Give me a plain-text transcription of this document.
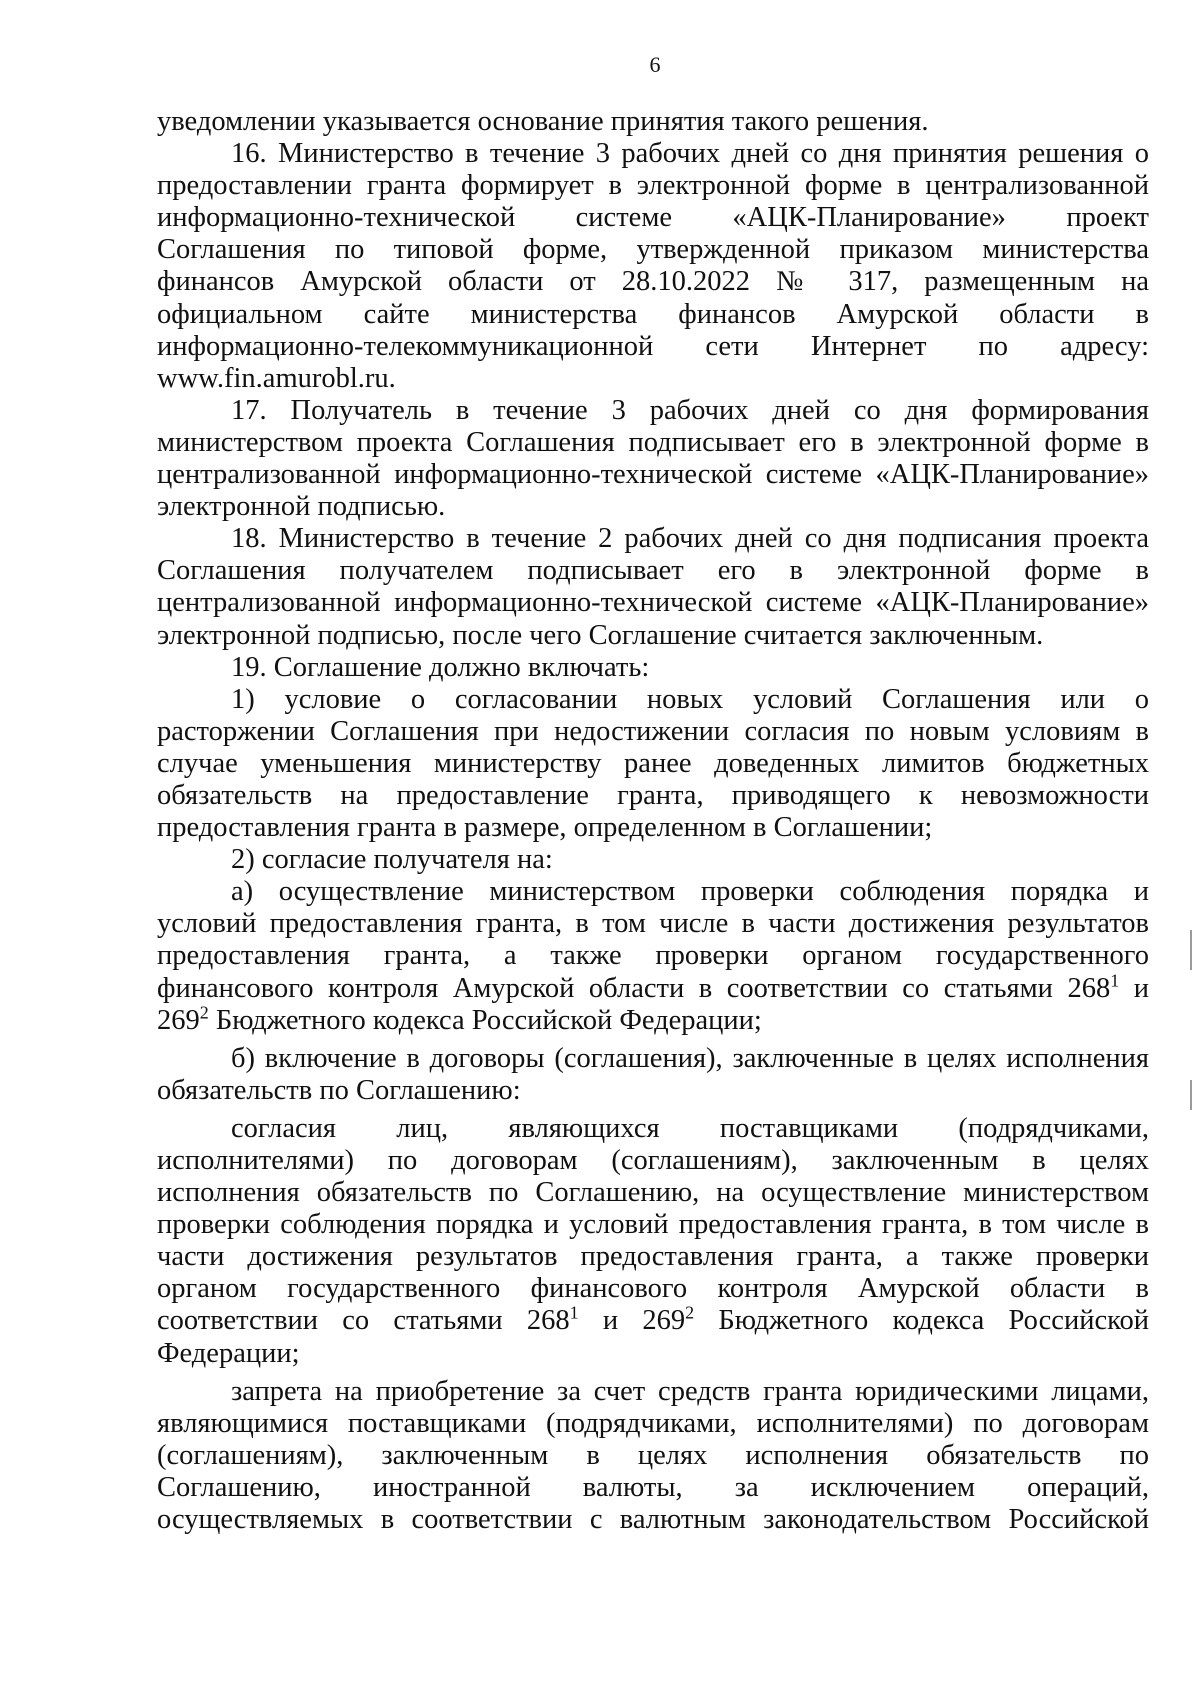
6
уведомлении указывается основание принятия такого решения.
16. Министерство в течение 3 рабочих дней со дня принятия решения о
предоставлении гранта формирует в электронной форме в централизованной
информационно-технической системе «АЦК-Планирование» проект
Соглашения по типовой форме, утвержденной приказом министерства
финансов Амурской области от 28.10.2022 № 317, размещенным на
официальном сайте министерства финансов Амурской области в
информационно-телекоммуникационной сети Интернет по адресу:
www.fin.amurobl.ru.
17. Получатель в течение 3 рабочих дней со дня формирования
министерством проекта Соглашения подписывает его в электронной форме в
централизованной информационно-технической системе «АЦК-Планирование»
электронной подписью.
18. Министерство в течение 2 рабочих дней со дня подписания проекта
Соглашения получателем подписывает его в электронной форме в
централизованной информационно-технической системе «АЦК-Планирование»
электронной подписью, после чего Соглашение считается заключенным.
19. Соглашение должно включать:
1) условие о согласовании новых условий Соглашения или о
расторжении Соглашения при недостижении согласия по новым условиям в
случае уменьшения министерству ранее доведенных лимитов бюджетных
обязательств на предоставление гранта, приводящего к невозможности
предоставления гранта в размере, определенном в Соглашении;
2) согласие получателя на:
а) осуществление министерством проверки соблюдения порядка и
условий предоставления гранта, в том числе в части достижения результатов
предоставления гранта, а также проверки органом государственного
финансового контроля Амурской области в соответствии со статьями $268^1$ и
$269^2$ Бюджетного кодекса Российской Федерации;
б) включение в договоры (соглашения), заключенные в целях исполнения
обязательств по Соглашению:
согласия лиц, являющихся поставщиками (подрядчиками,
исполнителями) по договорам (соглашениям), заключенным в целях
исполнения обязательств по Соглашению, на осуществление министерством
проверки соблюдения порядка и условий предоставления гранта, в том числе в
части достижения результатов предоставления гранта, а также проверки
органом государственного финансового контроля Амурской области в
соответствии со статьями $268^1$ и $269^2$ Бюджетного кодекса Российской
Федерации;
запрета на приобретение за счет средств гранта юридическими лицами,
являющимися поставщиками (подрядчиками, исполнителями) по договорам
(соглашениям), заключенным в целях исполнения обязательств по
Соглашению, иностранной валюты, за исключением операций,
осуществляемых в соответствии с валютным законодательством Российской
